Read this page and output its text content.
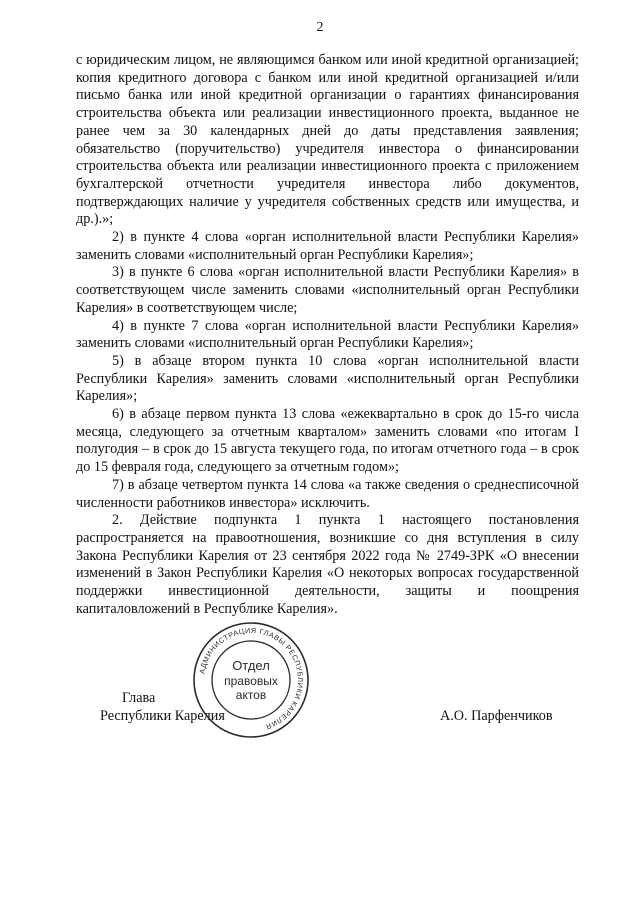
2

с юридическим лицом, не являющимся банком или иной кредитной организацией; копия кредитного договора с банком или иной кредитной организацией и/или письмо банка или иной кредитной организации о гарантиях финансирования строительства объекта или реализации инвестиционного проекта, выданное не ранее чем за 30 календарных дней до даты представления заявления; обязательство (поручительство) учредителя инвестора о финансировании строительства объекта или реализации инвестиционного проекта с приложением бухгалтерской отчетности учредителя инвестора либо документов, подтверждающих наличие у учредителя собственных средств или имущества, и др.).»;

2) в пункте 4 слова «орган исполнительной власти Республики Карелия» заменить словами «исполнительный орган Республики Карелия»;

3) в пункте 6 слова «орган исполнительной власти Республики Карелия» в соответствующем числе заменить словами «исполнительный орган Республики Карелия» в соответствующем числе;

4) в пункте 7 слова «орган исполнительной власти Республики Карелия» заменить словами «исполнительный орган Республики Карелия»;

5) в абзаце втором пункта 10 слова «орган исполнительной власти Республики Карелия» заменить словами «исполнительный орган Республики Карелия»;

6) в абзаце первом пункта 13 слова «ежеквартально в срок до 15-го числа месяца, следующего за отчетным кварталом» заменить словами «по итогам I полугодия – в срок до 15 августа текущего года, по итогам отчетного года – в срок до 15 февраля года, следующего за отчетным годом»;

7) в абзаце четвертом пункта 14 слова «а также сведения о среднесписочной численности работников инвестора» исключить.

2. Действие подпункта 1 пункта 1 настоящего постановления распространяется на правоотношения, возникшие со дня вступления в силу Закона Республики Карелия от 23 сентября 2022 года № 2749-ЗРК «О внесении изменений в Закон Республики Карелия «О некоторых вопросах государственной поддержки инвестиционной деятельности, защиты и поощрения капиталовложений в Республике Карелия».

Глава
Республики Карелия	А.О. Парфенчиков
АДМИНИСТРАЦИЯ ГЛАВЫ РЕСПУБЛИКИ КАРЕЛИЯ
Отдел
правовых
актов
